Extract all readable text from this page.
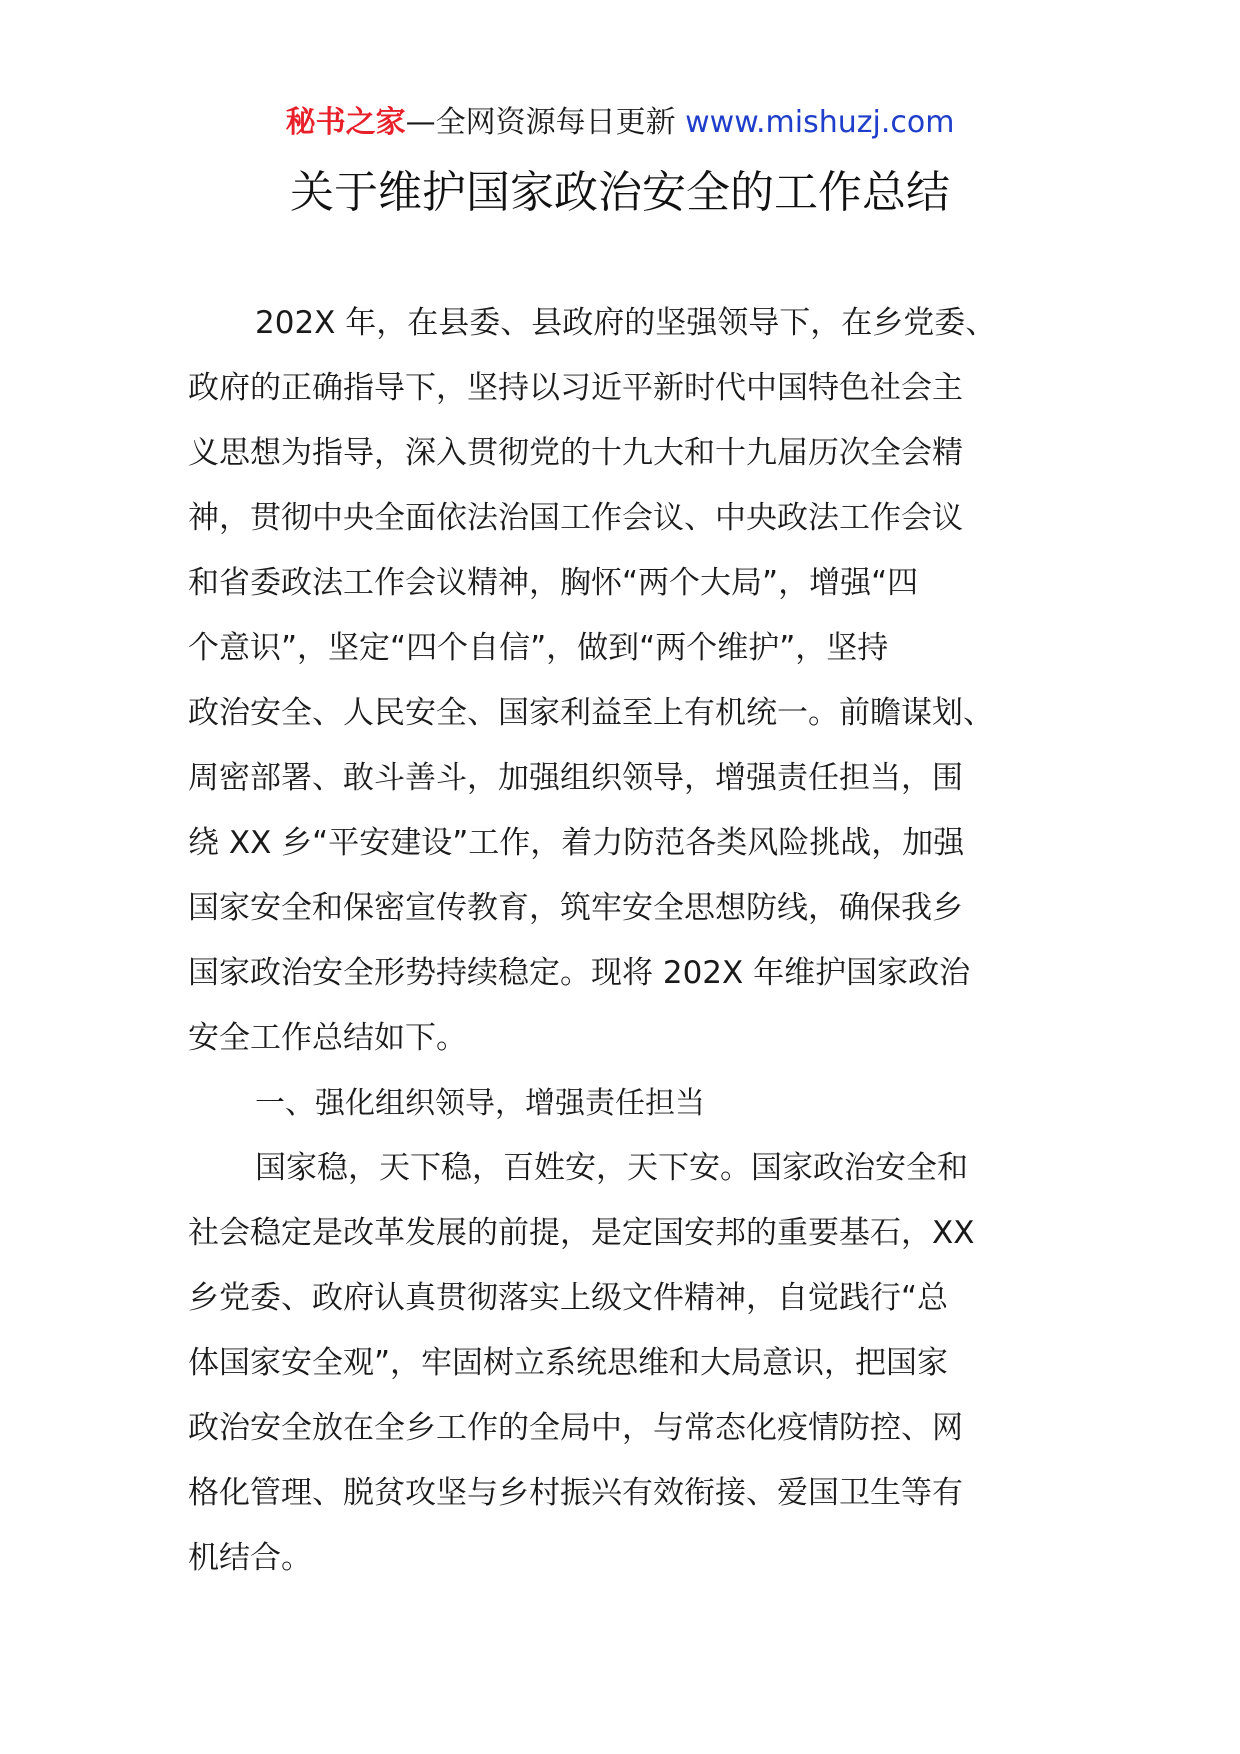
秘书之家—全网资源每日更新 www.mishuzj.com
关于维护国家政治安全的工作总结
202X 年，在县委、县政府的坚强领导下，在乡党委、
政府的正确指导下，坚持以习近平新时代中国特色社会主
义思想为指导，深入贯彻党的十九大和十九届历次全会精
神，贯彻中央全面依法治国工作会议、中央政法工作会议
和省委政法工作会议精神，胸怀“两个大局”，增强“四
个意识”，坚定“四个自信”，做到“两个维护”，坚持
政治安全、人民安全、国家利益至上有机统一。前瞻谋划、
周密部署、敢斗善斗，加强组织领导，增强责任担当，围
绕 XX 乡“平安建设”工作，着力防范各类风险挑战，加强
国家安全和保密宣传教育，筑牢安全思想防线，确保我乡
国家政治安全形势持续稳定。现将 202X 年维护国家政治
安全工作总结如下。
一、强化组织领导，增强责任担当
国家稳，天下稳，百姓安，天下安。国家政治安全和
社会稳定是改革发展的前提，是定国安邦的重要基石，XX
乡党委、政府认真贯彻落实上级文件精神，自觉践行“总
体国家安全观”，牢固树立系统思维和大局意识，把国家
政治安全放在全乡工作的全局中，与常态化疫情防控、网
格化管理、脱贫攻坚与乡村振兴有效衔接、爱国卫生等有
机结合。
